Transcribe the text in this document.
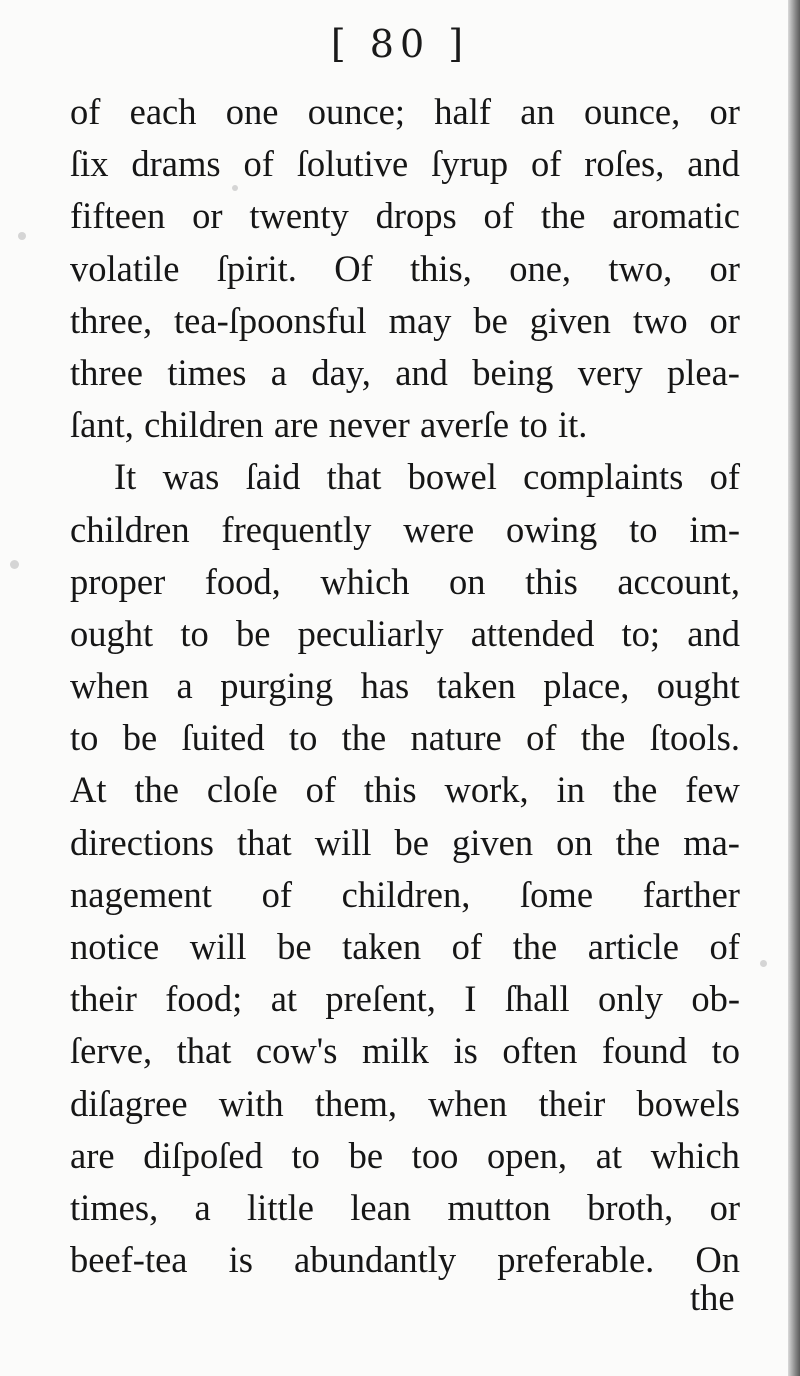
[ 80 ]
of each one ounce; half an ounce, or
ſix drams of ſolutive ſyrup of roſes, and
fifteen or twenty drops of the aromatic
volatile ſpirit. Of this, one, two, or
three, tea-ſpoonsful may be given two or
three times a day, and being very plea-
ſant, children are never averſe to it.
It was ſaid that bowel complaints of
children frequently were owing to im-
proper food, which on this account,
ought to be peculiarly attended to; and
when a purging has taken place, ought
to be ſuited to the nature of the ſtools.
At the cloſe of this work, in the few
directions that will be given on the ma-
nagement of children, ſome farther
notice will be taken of the article of
their food; at preſent, I ſhall only ob-
ſerve, that cow's milk is often found to
diſagree with them, when their bowels
are diſpoſed to be too open, at which
times, a little lean mutton broth, or
beef-tea is abundantly preferable. On
the
